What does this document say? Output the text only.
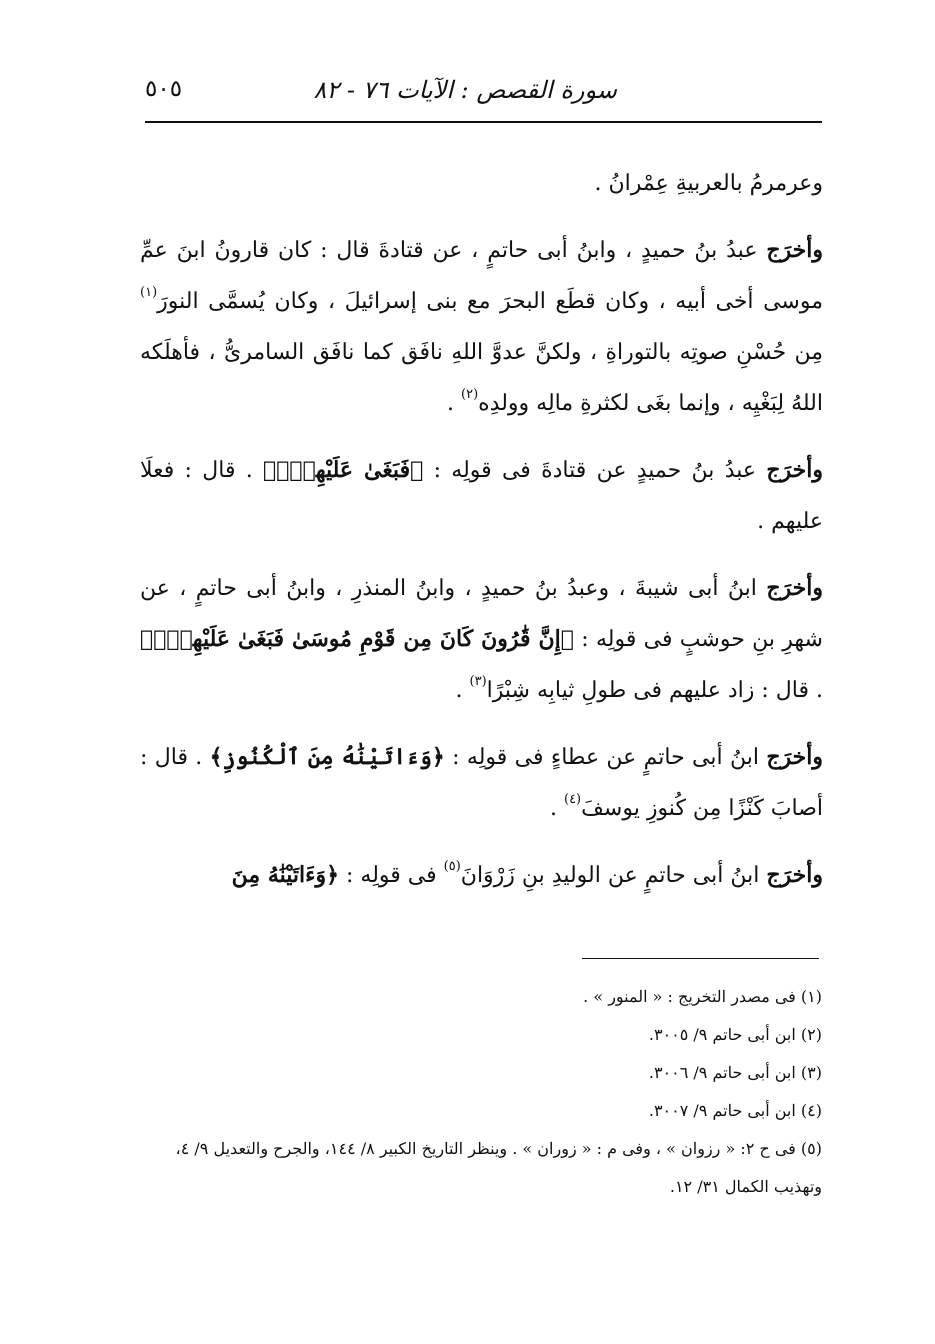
سورة القصص : الآيات ٧٦ - ٨٢
٥٠٥

وعرمرمُ بالعربيةِ عِمْرانُ .

وأخرَج عبدُ بنُ حميدٍ ، وابنُ أبى حاتمٍ ، عن قتادةَ قال : كان قارونُ ابنَ عمِّ موسى أخى أبيه ، وكان قطَع البحرَ مع بنى إسرائيلَ ، وكان يُسمَّى النورَ$^{(١)}$ مِن حُسْنِ صوتِه بالتوراةِ ، ولكنَّ عدوَّ اللهِ نافَق كما نافَق السامرىُّ ، فأهلَكه اللهُ لِبَغْيِه ، وإنما بغَى لكثرةِ مالِه وولدِه$^{(٢)}$ .

وأخرَج عبدُ بنُ حميدٍ عن قتادةَ فى قولِه : ﴿فَبَغَىٰ عَلَيْهِمْۖ﴾ . قال : فعلَا عليهم .

وأخرَج ابنُ أبى شيبةَ ، وعبدُ بنُ حميدٍ ، وابنُ المنذرِ ، وابنُ أبى حاتمٍ ، عن شهرِ بنِ حوشبٍ فى قولِه : ﴿إِنَّ قَٰرُونَ كَانَ مِن قَوْمِ مُوسَىٰ فَبَغَىٰ عَلَيْهِمْۖ﴾ . قال : زاد عليهم فى طولِ ثيابِه شِبْرًا$^{(٣)}$ .

وأخرَج ابنُ أبى حاتمٍ عن عطاءٍ فى قولِه : ﴿وَءَاتَيْنَٰهُ مِنَ ٱلْكُنُوزِ﴾ . قال : أصابَ كَنْزًا مِن كُنوزِ يوسفَ$^{(٤)}$ .

وأخرَج ابنُ أبى حاتمٍ عن الوليدِ بنِ زَرْوَانَ$^{(٥)}$ فى قولِه : ﴿وَءَاتَيْنَٰهُ مِنَ

(١) فى مصدر التخريج : « المنور » .

(٢) ابن أبى حاتم ٩/ ٣٠٠٥.

(٣) ابن أبى حاتم ٩/ ٣٠٠٦.

(٤) ابن أبى حاتم ٩/ ٣٠٠٧.

(٥) فى ح ٢: « رزوان » ، وفى م : « زوران » . وينظر التاريخ الكبير ٨/ ١٤٤، والجرح والتعديل ٩/ ٤، وتهذيب الكمال ٣١/ ١٢.
